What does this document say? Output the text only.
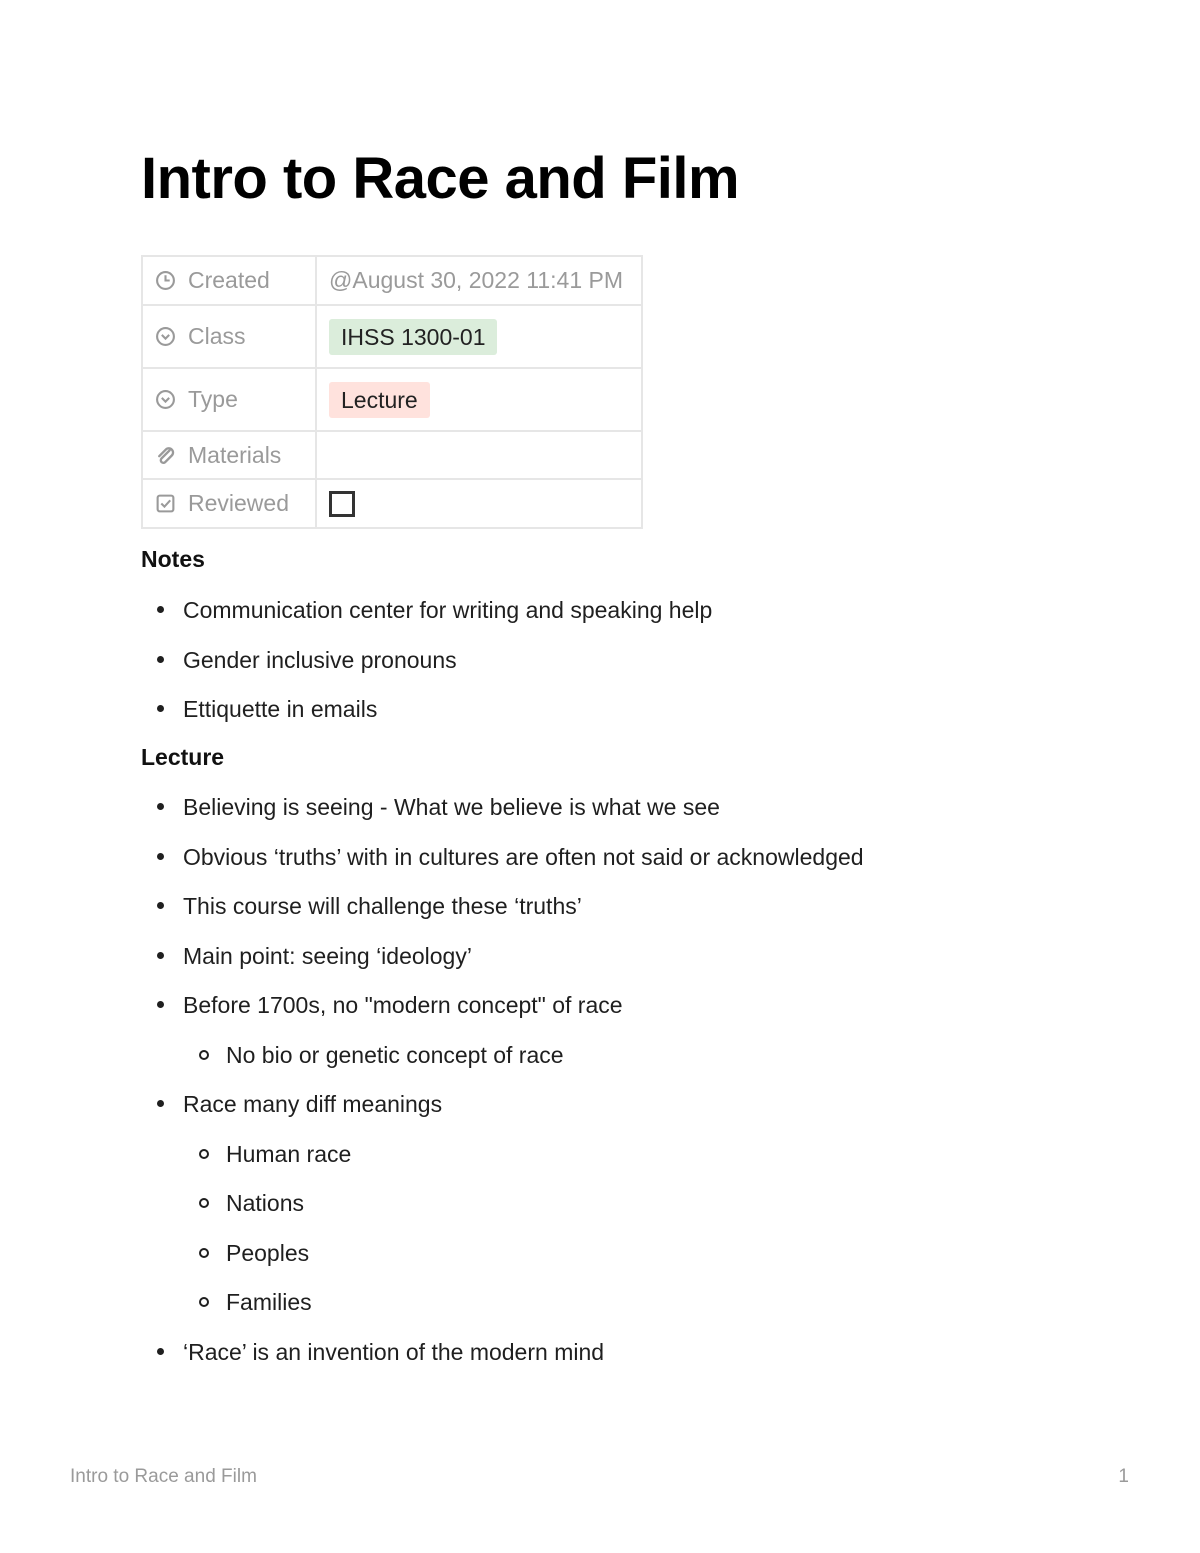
Intro to Race and Film
Created	@August 30, 2022 11:41 PM

Class	IHSS 1300-01

Type	Lecture

Materials	

Reviewed	

Notes
Communication center for writing and speaking help
Gender inclusive pronouns
Ettiquette in emails
Lecture
Believing is seeing - What we believe is what we see
Obvious ‘truths’ with in cultures are often not said or acknowledged
This course will challenge these ‘truths’
Main point: seeing ‘ideology’
Before 1700s, no "modern concept" of race
No bio or genetic concept of race
Race many diff meanings
Human race
Nations
Peoples
Families
‘Race’ is an invention of the modern mind
Intro to Race and Film	1
